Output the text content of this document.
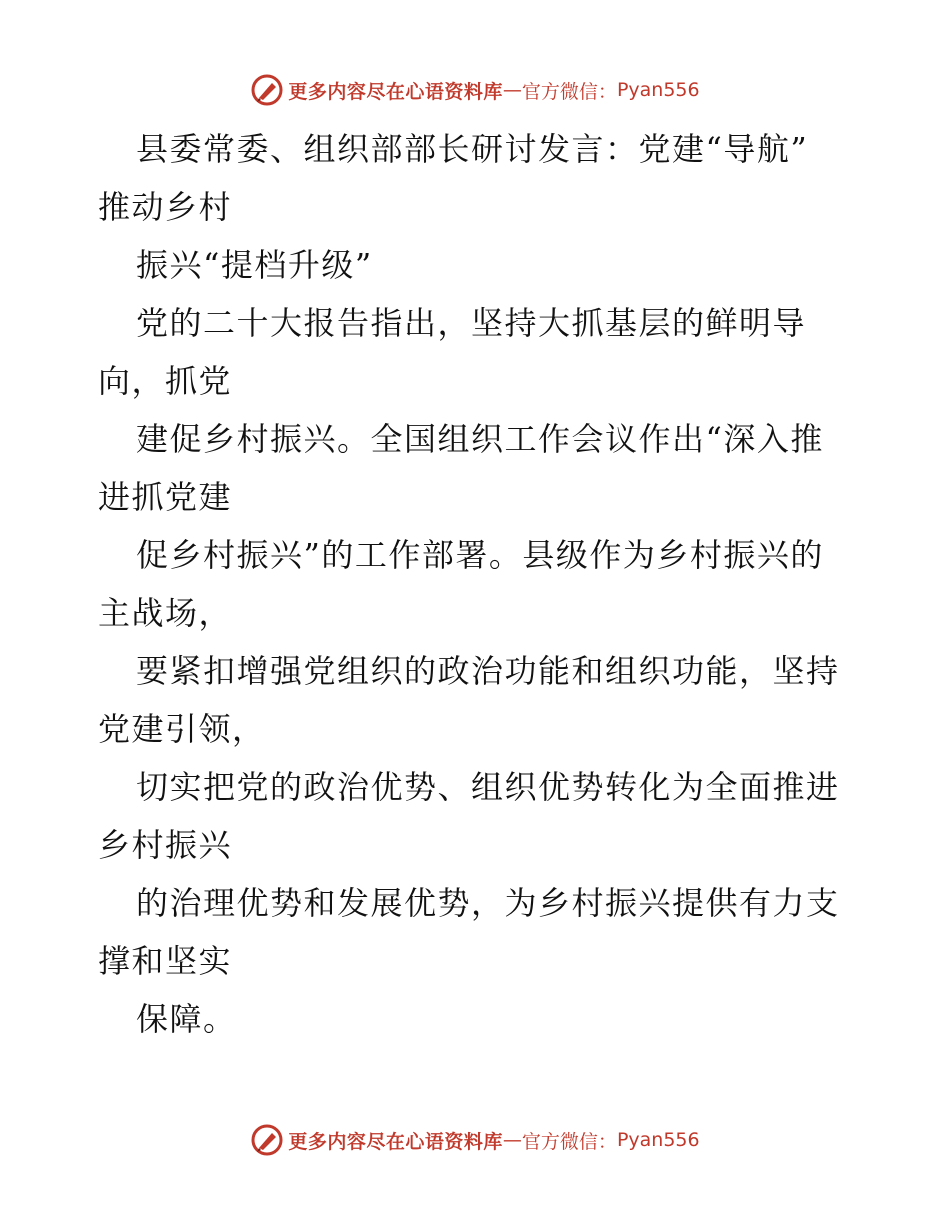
更多内容尽在心语资料库 — 官方微信 ： Pyan556
县委常委、组织部部长研讨发言：党建“导航”
推动乡村
振兴“提档升级”
党的二十大报告指出，坚持大抓基层的鲜明导
向，抓党
建促乡村振兴。全国组织工作会议作出“深入推
进抓党建
促乡村振兴”的工作部署。县级作为乡村振兴的
主战场，
要紧扣增强党组织的政治功能和组织功能，坚持
党建引领，
切实把党的政治优势、组织优势转化为全面推进
乡村振兴
的治理优势和发展优势，为乡村振兴提供有力支
撑和坚实
保障。
更多内容尽在心语资料库 — 官方微信 ： Pyan556
